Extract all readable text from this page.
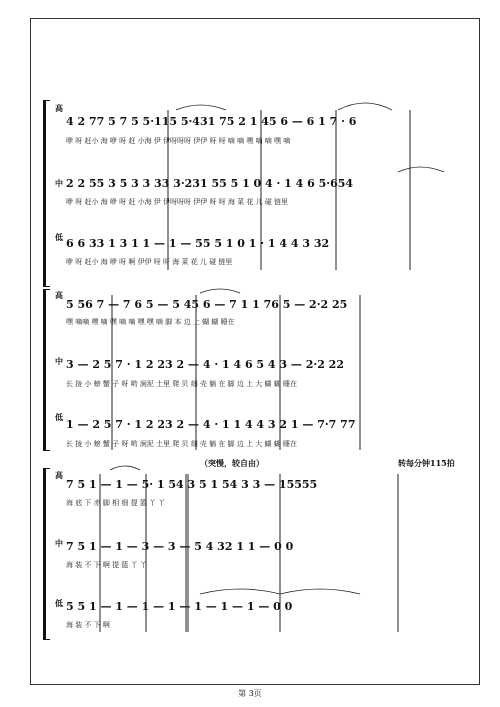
高
4 2 77 5 7 5 5·115 5·431 75 2 1 45 6 — 6 1 7 · 6
咿 呀 赶小 海 咿 呀 赶 小海 伊 伊呀呀呀 伊伊 呀 呀 嘀 嘀 嘿 嘀 嘀 嘿 嘀
中 2 2 55 3 5 3 3 33 3·231 55 5 1 0 4 · 1 4 6 5·654
咿 呀 赶小 海 咿 呀 赶 小海 伊 伊呀呀呀 伊伊 呀 呀 海 菜 花 儿 碰 链里
低 6 6 33 1 3 1 1 — 1 — 55 5 1 0 1 · 1 4 4 3 32
咿 呀 赶小 海 咿 呀 啊 伊伊 呀 呀 海 菜 花 儿 碰 链里
高
5 56 7 — 7 6 5 — 5 45 6 — 7 1 1 76 5 — 2·2 25
嘿 嘀嘀 嘿 嘀 嘿 嘀 嘀 嘿 嘿 嘀 脚 本 边 上 蝴 蝴 睡在
中 3 — 2 5 7 · 1 2 23 2 — 4 · 1 4 6 5 4 3 — 2·2 22
长 拢 小 螃 蟹 子 呀 哟 涧泥 土里 爬 贝 细 壳 躺 在 脚 边 上 大 蝴 蝴 睡在
低
1 — 2 5 7 · 1 2 23 2 — 4 · 1 1 4 4 3 2 1 — 7·7 77
长 拢 小 螃 蟹 子 呀 哟 涧泥 土里 爬 贝 细 壳 躺 在 脚 边 上 大 蝴 蝴 睡在
（突慢，较自由）	转每分钟115拍
高
7 5 1 — 1 — 5· 1 54 3 5 1 54 3 3 — 15555
海 底 下 赤 脚 相 细 提 篮 丫 丫
中 7 5 1 — 1 — 3 — 3 — 5 4 32 1 1 — 0 0
海 装 不 下 啊 提 篮 丫 丫
低 5 5 1 — 1 — 1 — 1 — 1 — 1 — 1 — 0 0
海 装 不 下 啊
第 3页
